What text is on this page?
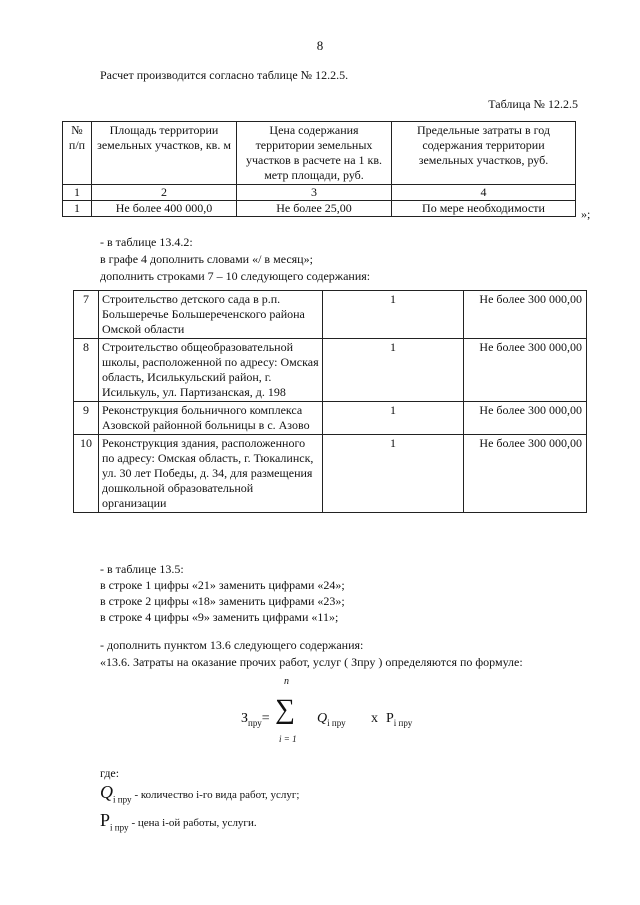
8
Расчет производится согласно таблице № 12.2.5.
Таблица № 12.2.5
№ п/п	Площадь территории земельных участков, кв. м	Цена содержания территории земельных участков в расчете на 1 кв. метр площади, руб.	Предельные затраты в год содержания территории земельных участков, руб.
1	2	3	4
1	Не более 400 000,0	Не более 25,00	По мере необходимости	»;
- в таблице 13.4.2:
в графе 4 дополнить словами «/ в месяц»;
дополнить строками 7 – 10 следующего содержания:
7	Строительство детского сада в р.п. Большеречье Большереченского района Омской области	1	Не более 300 000,00
8	Строительство общеобразовательной школы, расположенной по адресу: Омская область, Исилькульский район, г. Исилькуль, ул. Партизанская, д. 198	1	Не более 300 000,00
9	Реконструкция больничного комплекса Азовской районной больницы в с. Азово	1	Не более 300 000,00
10	Реконструкция здания, расположенного по адресу: Омская область, г. Тюкалинск, ул. 30 лет Победы, д. 34, для размещения дошкольной образовательной организации	1	Не более 300 000,00
- в таблице 13.5:
в строке 1 цифры «21» заменить цифрами «24»;
в строке 2 цифры «18» заменить цифрами «23»;
в строке 4 цифры «9» заменить цифрами «11»;
- дополнить пунктом 13.6 следующего содержания:
«13.6. Затраты на оказание прочих работ, услуг ( Зпру ) определяются по формуле:
$З_{пру}=$
n
∑
i = 1
$Q_{i пру}$ х $P_{i пру}$
где:
$Q_{i пру}$ - количество i-го вида работ, услуг;
$P_{i пру}$ - цена i-ой работы, услуги.
